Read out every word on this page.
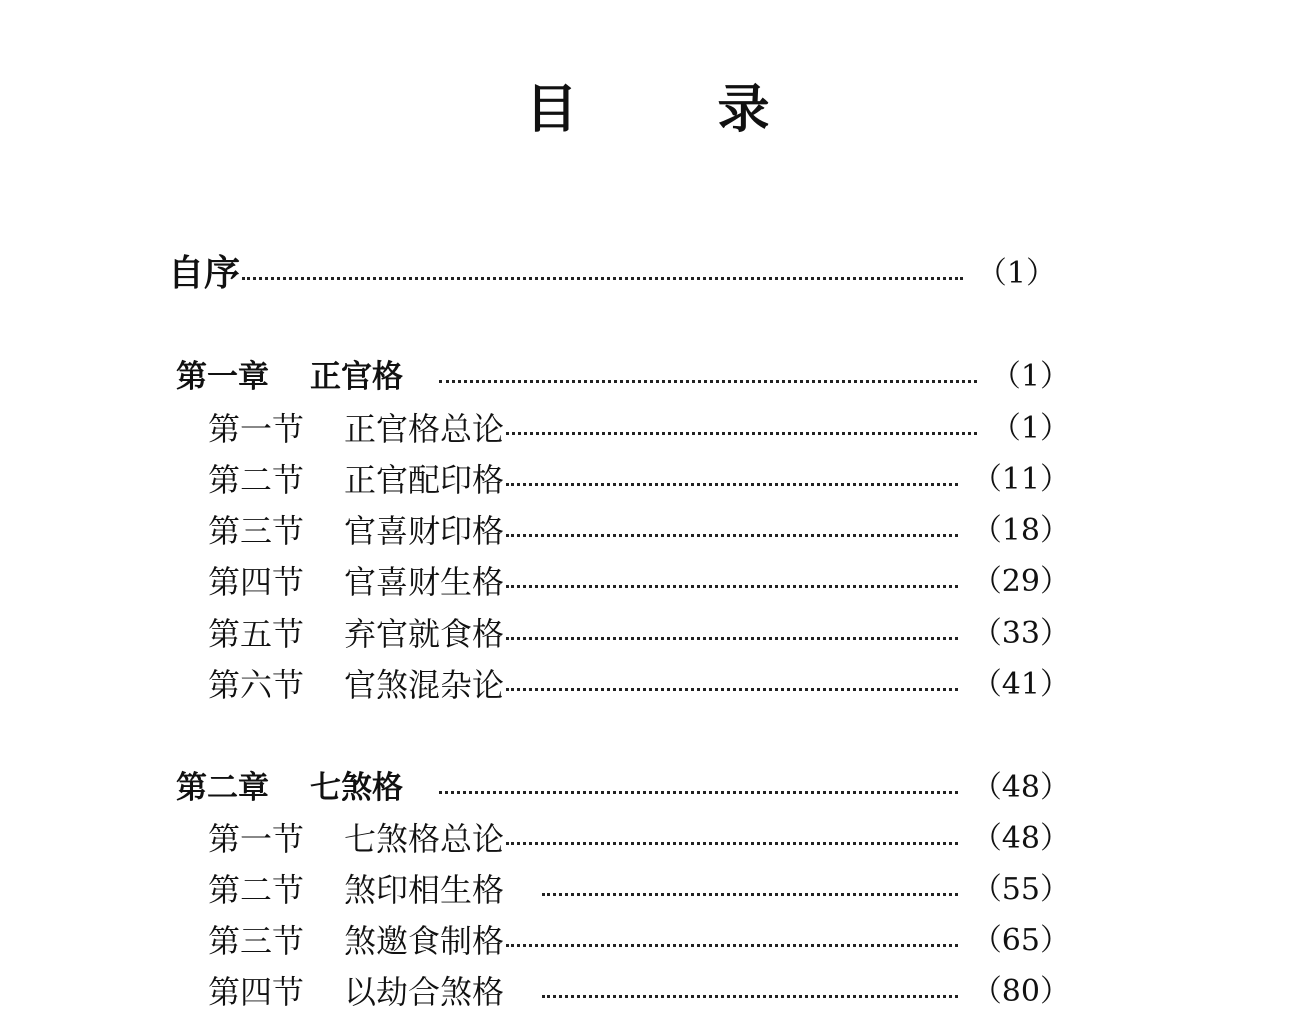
目　录
自序	（1）
第一章 正官格	（1）
第一节 正官格总论	（1）
第二节 正官配印格	（11）
第三节 官喜财印格	（18）
第四节 官喜财生格	（29）
第五节 弃官就食格	（33）
第六节 官煞混杂论	（41）
第二章 七煞格	（48）
第一节 七煞格总论	（48）
第二节 煞印相生格	（55）
第三节 煞邀食制格	（65）
第四节 以劫合煞格	（80）
